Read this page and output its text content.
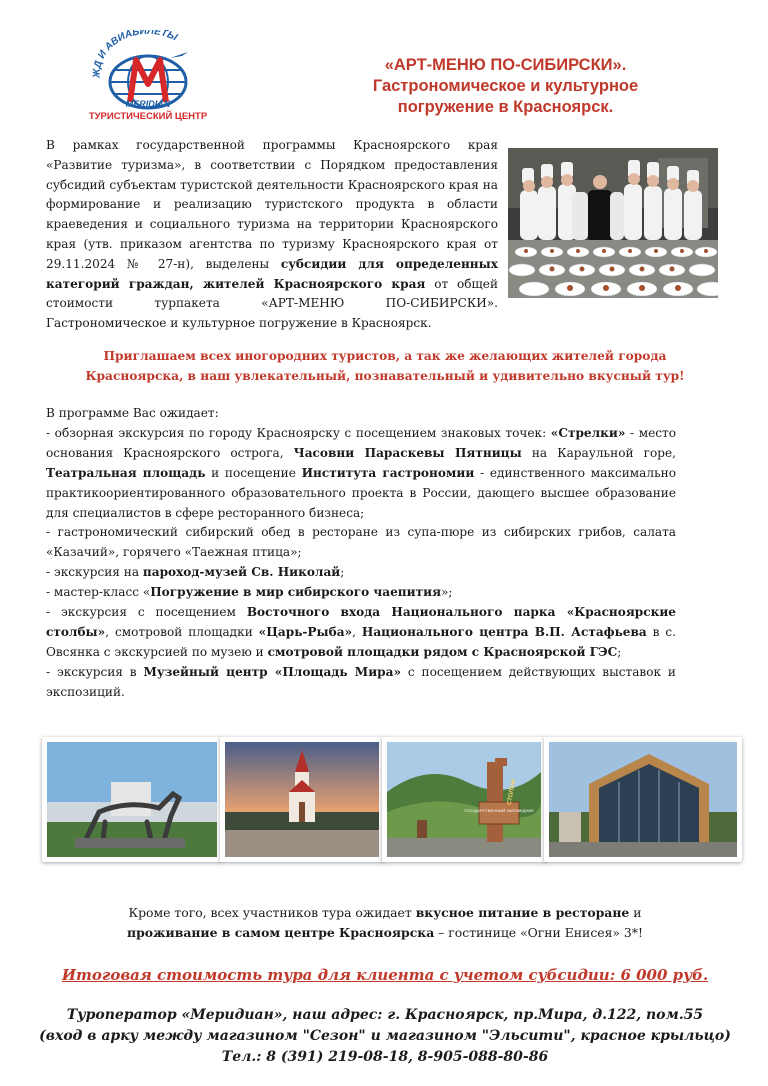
ЖД И АВИАБИЛЕТЫ
MERIDIAN
ТУРИСТИЧЕСКИЙ ЦЕНТР
«АРТ-МЕНЮ ПО-СИБИРСКИ».
Гастрономическое и культурное
погружение в Красноярск.
В рамках государственной программы Красноярского края «Развитие туризма», в соответствии с Порядком предоставления субсидий субъектам туристской деятельности Красноярского края на формирование и реализацию туристского продукта в области краеведения и социального туризма на территории Красноярского края (утв. приказом агентства по туризму Красноярского края от 29.11.2024 № 27-н), выделены субсидии для определенных категорий граждан, жителей Красноярского края от общей стоимости турпакета «АРТ-МЕНЮ ПО-СИБИРСКИ». Гастрономическое и культурное погружение в Красноярск.
Приглашаем всех иногородних туристов, а так же желающих жителей города
Красноярска, в наш увлекательный, познавательный и удивительно вкусный тур!

В программе Вас ожидает:

- обзорная экскурсия по городу Красноярску с посещением знаковых точек: «Стрелки» - место основания Красноярского острога, Часовни Параскевы Пятницы на Караульной горе, Театральная площадь и посещение Института гастрономии - единственного максимально практикоориентированного образовательного проекта в России, дающего высшее образование для специалистов в сфере ресторанного бизнеса;

- гастрономический сибирский обед в ресторане из супа-пюре из сибирских грибов, салата «Казачий», горячего «Таежная птица»;

- экскурсия на пароход-музей Св. Николай;

- мастер-класс «Погружение в мир сибирского чаепития»;

- экскурсия с посещением Восточного входа Национального парка «Красноярские столбы», смотровой площадки «Царь-Рыба», Национального центра В.П. Астафьева в с. Овсянка с экскурсией по музею и смотровой площадки рядом с Красноярской ГЭС;

- экскурсия в Музейный центр «Площадь Мира» с посещением действующих выставок и экспозиций.

ГОСУДАРСТВЕННЫЙ ЗАПОВЕДНИК
СТОЛБЫ
Кроме того, всех участников тура ожидает вкусное питание в ресторане и
проживание в самом центре Красноярска – гостинице «Огни Енисея» 3*!
Итоговая стоимость тура для клиента с учетом субсидии: 6 000 руб.
Туроператор «Меридиан», наш адрес: г. Красноярск, пр.Мира, д.122, пом.55
(вход в арку между магазином "Сезон" и магазином "Эльсити", красное крыльцо)
Тел.: 8 (391) 219-08-18, 8-905-088-80-86
